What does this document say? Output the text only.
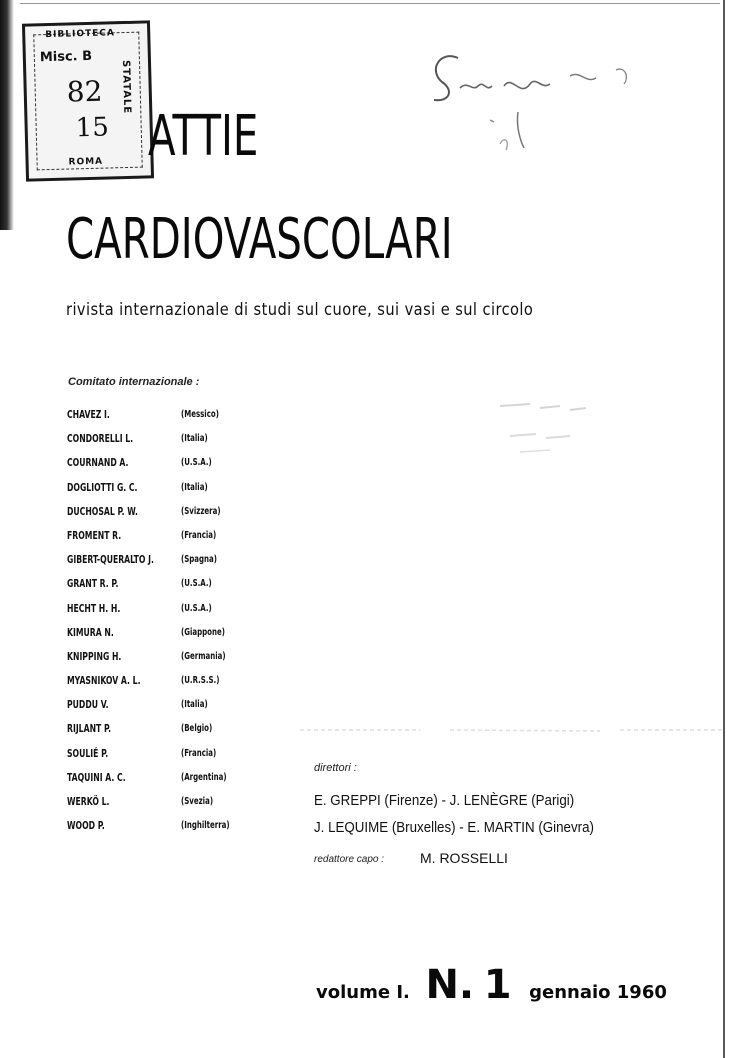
BIBLIOTECA
Misc. B
82
15
STATALE
ROMA ATTIE
CARDIOVASCOLARI
rivista internazionale di studi sul cuore, sui vasi e sul circolo
Comitato internazionale :
CHAVEZ I.	(Messico)
CONDORELLI L.	(Italia)
COURNAND A.	(U.S.A.)
DOGLIOTTI G. C.	(Italia)
DUCHOSAL P. W.	(Svizzera)
FROMENT R.	(Francia)
GIBERT-QUERALTO J.	(Spagna)
GRANT R. P.	(U.S.A.)
HECHT H. H.	(U.S.A.)
KIMURA N.	(Giappone)
KNIPPING H.	(Germania)
MYASNIKOV A. L.	(U.R.S.S.)
PUDDU V.	(Italia)
RIJLANT P.	(Belgio)
SOULIÉ P.	(Francia)
TAQUINI A. C.	(Argentina)
WERKÖ L.	(Svezia)
WOOD P.	(Inghilterra)
direttori :
E. GREPPI (Firenze) - J. LENÈGRE (Parigi)
J. LEQUIME (Bruxelles) - E. MARTIN (Ginevra)
redattore capo :	M. ROSSELLI
volume I. N. 1 gennaio 1960
